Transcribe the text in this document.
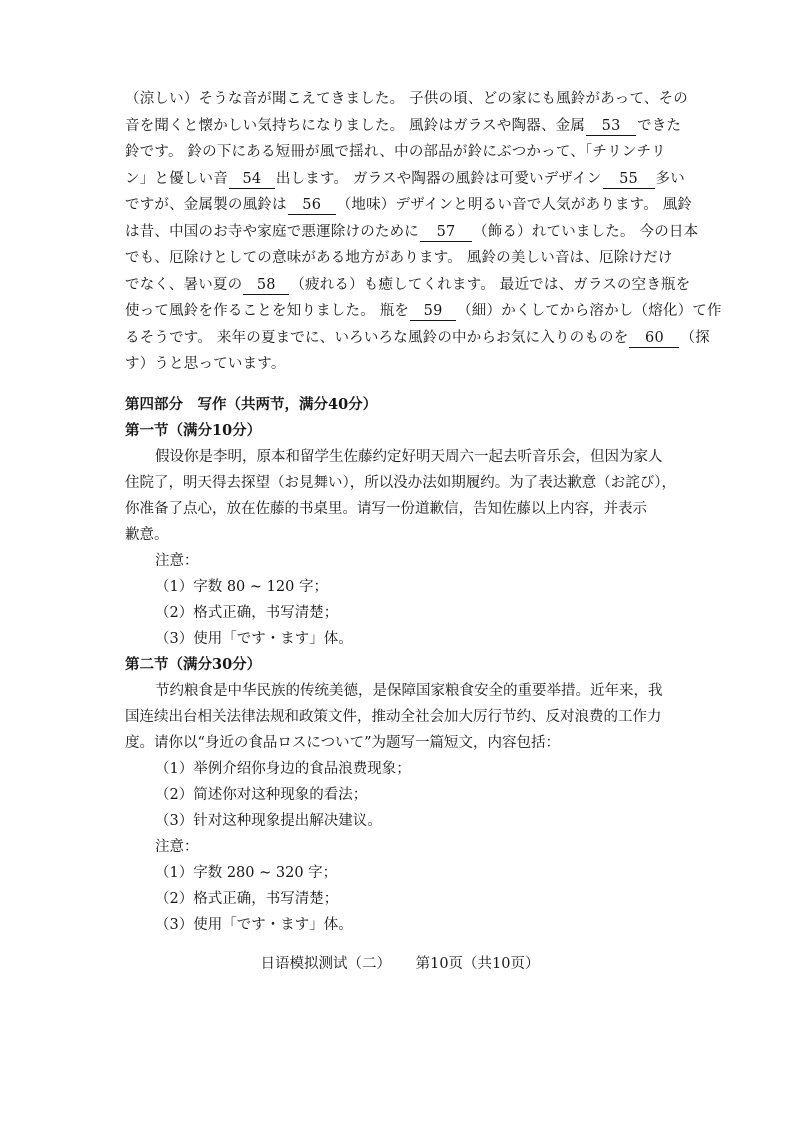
（涼しい）そうな音が聞こえてきました。 子供の頃、どの家にも風鈴があって、その
音を聞くと懐かしい気持ちになりました。 風鈴はガラスや陶器、金属 53 できた
鈴です。 鈴の下にある短冊が風で揺れ、中の部品が鈴にぶつかって、「チリンチリ
ン」と優しい音 54 出します。 ガラスや陶器の風鈴は可愛いデザイン 55 多い
ですが、金属製の風鈴は 56 （地味）デザインと明るい音で人気があります。 風鈴
は昔、中国のお寺や家庭で悪運除けのために 57 （飾る）れていました。 今の日本
でも、厄除けとしての意味がある地方があります。 風鈴の美しい音は、厄除けだけ
でなく、暑い夏の 58 （疲れる）も癒してくれます。 最近では、ガラスの空き瓶を
使って風鈴を作ることを知りました。 瓶を 59 （細）かくしてから溶かし（熔化）て作
るそうです。 来年の夏までに、いろいろな風鈴の中からお気に入りのものを 60 （探
す）うと思っています。
第四部分　写作（共两节，满分40分）
第一节（满分10分）
假设你是李明，原本和留学生佐藤约定好明天周六一起去听音乐会，但因为家人
住院了，明天得去探望（お見舞い），所以没办法如期履约。为了表达歉意（お詫び），
你准备了点心，放在佐藤的书桌里。请写一份道歉信，告知佐藤以上内容，并表示
歉意。
注意：
（1）字数 80 ~ 120 字；
（2）格式正确，书写清楚；
（3）使用「です・ます」体。
第二节（满分30分）
节约粮食是中华民族的传统美德，是保障国家粮食安全的重要举措。近年来，我
国连续出台相关法律法规和政策文件，推动全社会加大厉行节约、反对浪费的工作力
度。请你以“身近の食品ロスについて”为题写一篇短文，内容包括：
（1）举例介绍你身边的食品浪费现象；
（2）简述你对这种现象的看法；
（3）针对这种现象提出解决建议。
注意：
（1）字数 280 ~ 320 字；
（2）格式正确，书写清楚；
（3）使用「です・ます」体。
日语模拟测试（二） 第10页（共10页）
